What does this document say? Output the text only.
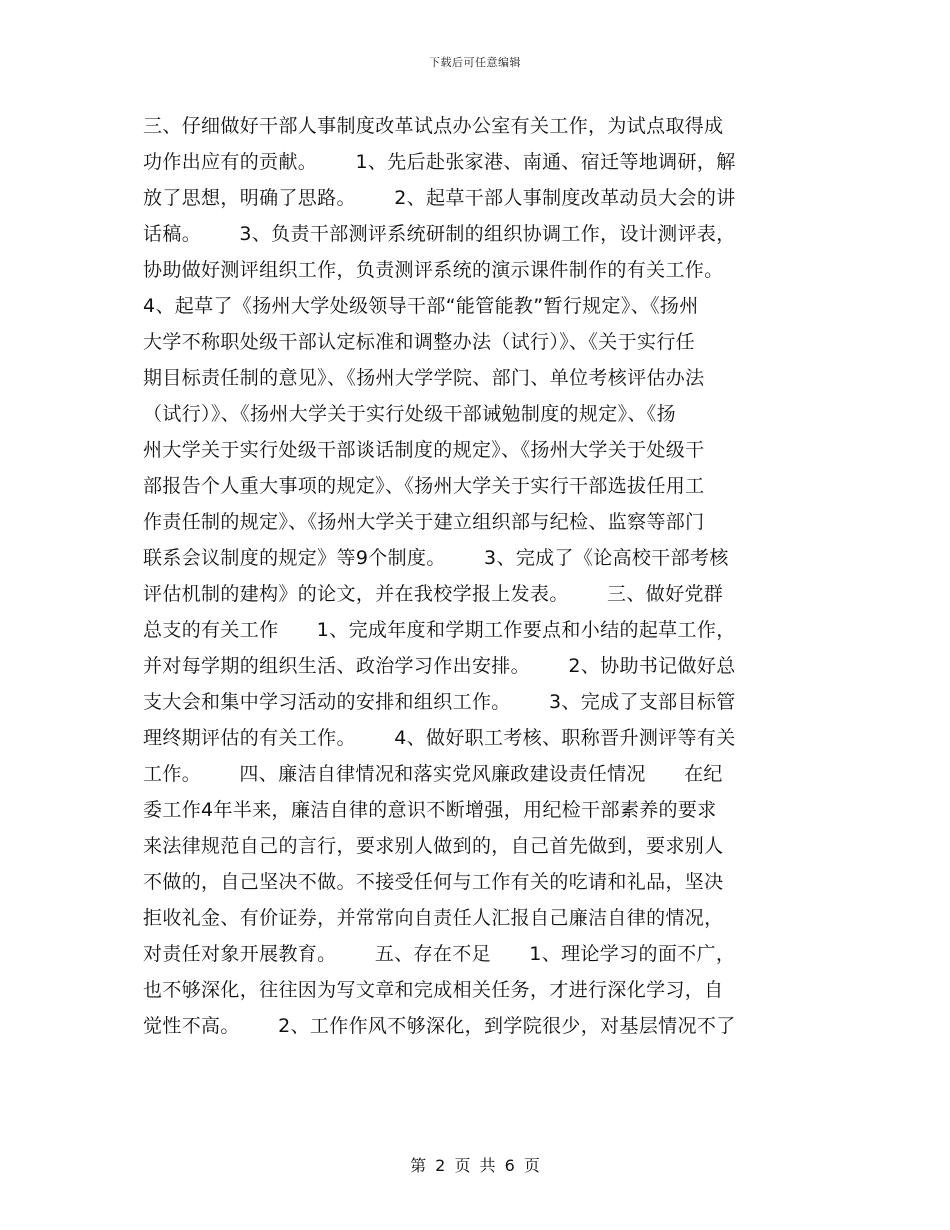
下载后可任意编辑
三、仔细做好干部人事制度改革试点办公室有关工作，为试点取得成
功作出应有的贡献。      1、先后赴张家港、南通、宿迁等地调研，解
放了思想，明确了思路。      2、起草干部人事制度改革动员大会的讲
话稿。      3、负责干部测评系统研制的组织协调工作，设计测评表，
协助做好测评组织工作，负责测评系统的演示课件制作的有关工作。
4、起草了《扬州大学处级领导干部“能管能教”暂行规定》、《扬州
大学不称职处级干部认定标准和调整办法（试行）》、《关于实行任
期目标责任制的意见》、《扬州大学学院、部门、单位考核评估办法
（试行）》、《扬州大学关于实行处级干部诫勉制度的规定》、《扬
州大学关于实行处级干部谈话制度的规定》、《扬州大学关于处级干
部报告个人重大事项的规定》、《扬州大学关于实行干部选拔任用工
作责任制的规定》、《扬州大学关于建立组织部与纪检、监察等部门
联系会议制度的规定》等9个制度。      3、完成了《论高校干部考核
评估机制的建构》的论文，并在我校学报上发表。      三、做好党群
总支的有关工作      1、完成年度和学期工作要点和小结的起草工作，
并对每学期的组织生活、政治学习作出安排。      2、协助书记做好总
支大会和集中学习活动的安排和组织工作。      3、完成了支部目标管
理终期评估的有关工作。      4、做好职工考核、职称晋升测评等有关
工作。      四、廉洁自律情况和落实党风廉政建设责任情况      在纪
委工作4年半来，廉洁自律的意识不断增强，用纪检干部素养的要求
来法律规范自己的言行，要求别人做到的，自己首先做到，要求别人
不做的，自己坚决不做。不接受任何与工作有关的吃请和礼品，坚决
拒收礼金、有价证券，并常常向自责任人汇报自己廉洁自律的情况，
对责任对象开展教育。      五、存在不足      1、理论学习的面不广，
也不够深化，往往因为写文章和完成相关任务，才进行深化学习，自
觉性不高。      2、工作作风不够深化，到学院很少，对基层情况不了
第 2 页 共 6 页
